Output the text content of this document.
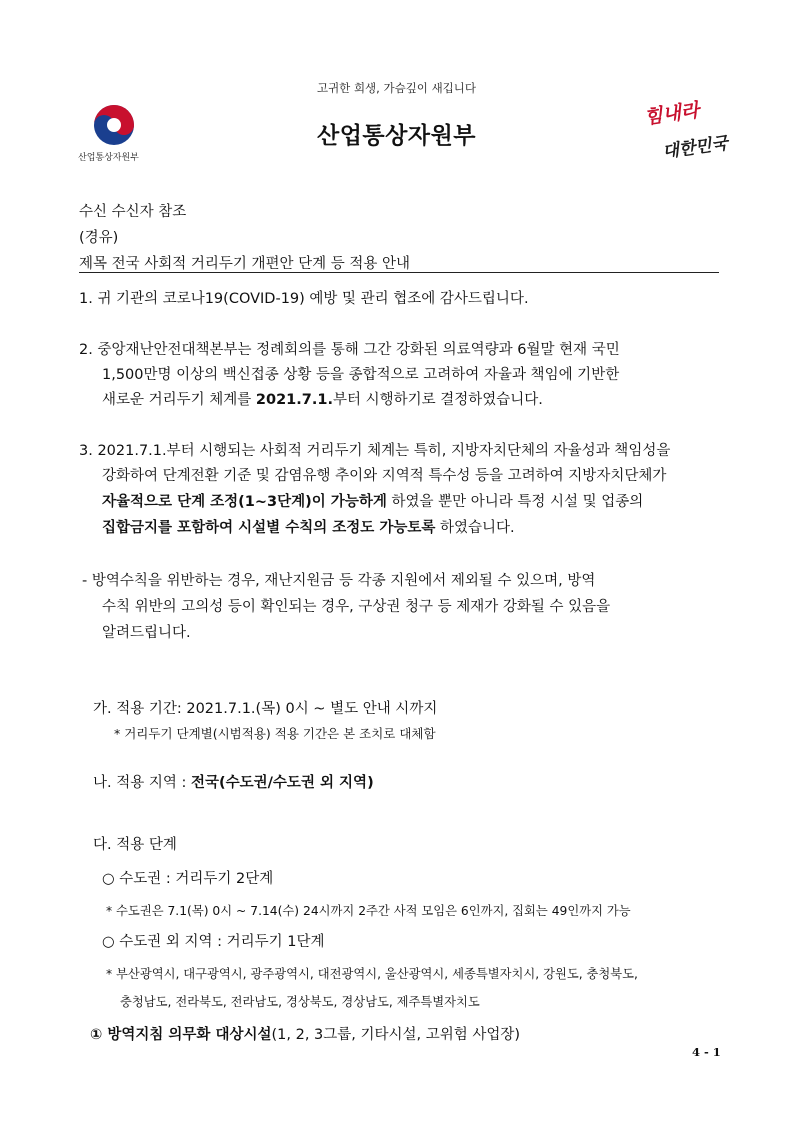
고귀한 희생, 가슴깊이 새깁니다
산업통상자원부
산업통상자원부
힘내라
대한민국
수신 수신자 참조
(경유)
제목 전국 사회적 거리두기 개편안 단계 등 적용 안내
1. 귀 기관의 코로나19(COVID-19) 예방 및 관리 협조에 감사드립니다.
2. 중앙재난안전대책본부는 정례회의를 통해 그간 강화된 의료역량과 6월말 현재 국민
1,500만명 이상의 백신접종 상황 등을 종합적으로 고려하여 자율과 책임에 기반한
새로운 거리두기 체계를 2021.7.1.부터 시행하기로 결정하였습니다.
3. 2021.7.1.부터 시행되는 사회적 거리두기 체계는 특히, 지방자치단체의 자율성과 책임성을
강화하여 단계전환 기준 및 감염유행 추이와 지역적 특수성 등을 고려하여 지방자치단체가
자율적으로 단계 조정(1~3단계)이 가능하게 하였을 뿐만 아니라 특정 시설 및 업종의
집합금지를 포함하여 시설별 수칙의 조정도 가능토록 하였습니다.
- 방역수칙을 위반하는 경우, 재난지원금 등 각종 지원에서 제외될 수 있으며, 방역
수칙 위반의 고의성 등이 확인되는 경우, 구상권 청구 등 제재가 강화될 수 있음을
알려드립니다.
가. 적용 기간: 2021.7.1.(목) 0시 ~ 별도 안내 시까지
* 거리두기 단계별(시범적용) 적용 기간은 본 조치로 대체함
나. 적용 지역 : 전국(수도권/수도권 외 지역)
다. 적용 단계
○ 수도권 : 거리두기 2단계
* 수도권은 7.1(목) 0시 ~ 7.14(수) 24시까지 2주간 사적 모임은 6인까지, 집회는 49인까지 가능
○ 수도권 외 지역 : 거리두기 1단계
* 부산광역시, 대구광역시, 광주광역시, 대전광역시, 울산광역시, 세종특별자치시, 강원도, 충청북도,
충청남도, 전라북도, 전라남도, 경상북도, 경상남도, 제주특별자치도
① 방역지침 의무화 대상시설(1, 2, 3그룹, 기타시설, 고위험 사업장)
4 - 1
